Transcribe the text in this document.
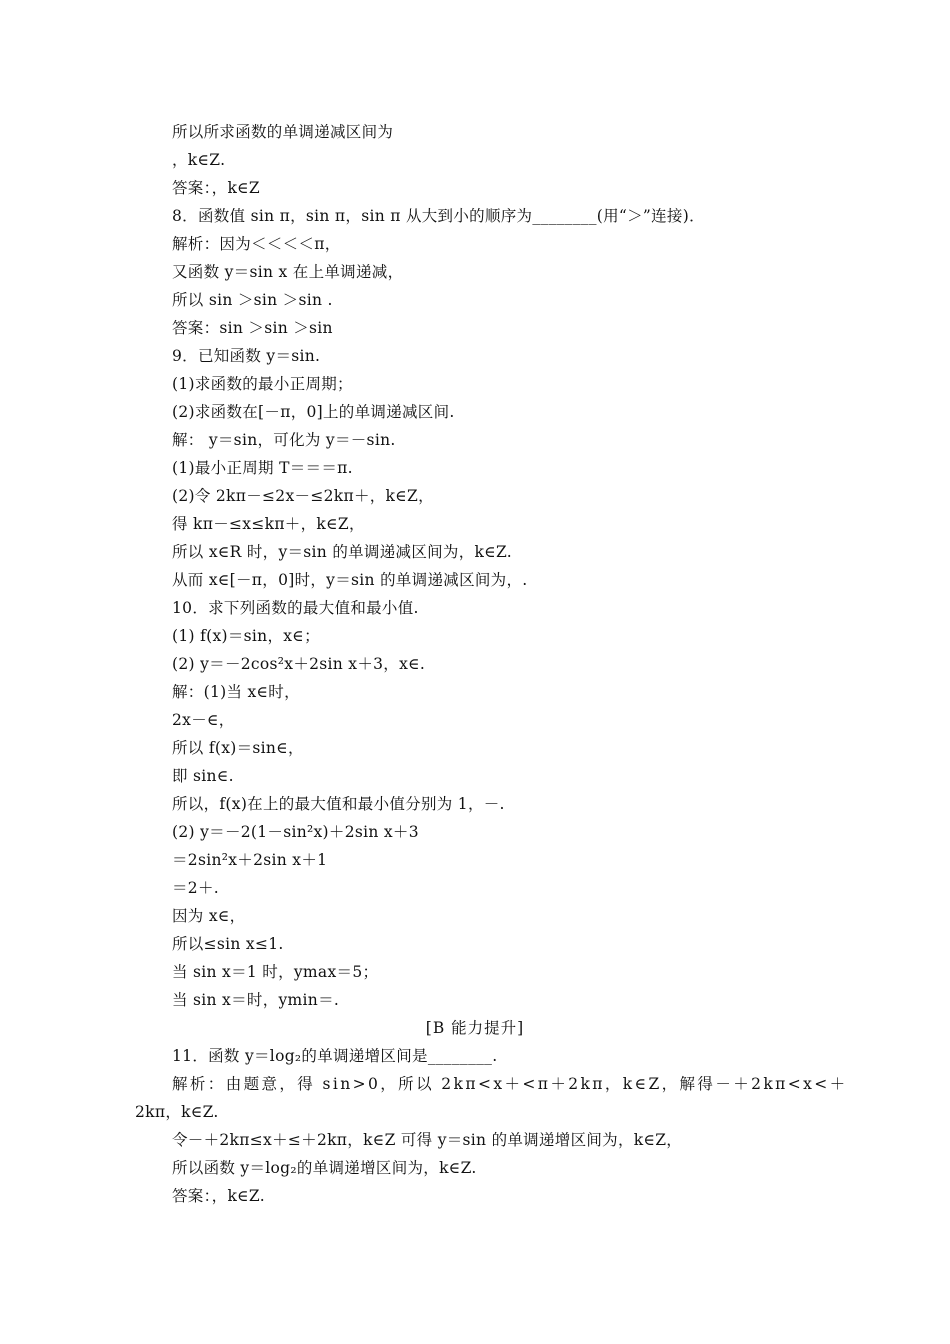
所以所求函数的单调递减区间为
，k∈Z.
答案：，k∈Z
8．函数值 sin π，sin π，sin π 从大到小的顺序为________(用“＞”连接)．
解析：因为＜＜＜＜π，
又函数 y＝sin x 在上单调递减，
所以 sin ＞sin ＞sin .
答案：sin ＞sin ＞sin
9．已知函数 y＝sin.
(1)求函数的最小正周期；
(2)求函数在[－π，0]上的单调递减区间.
解： y＝sin，可化为 y＝－sin.
(1)最小正周期 T＝＝＝π.
(2)令 2kπ－≤2x－≤2kπ＋，k∈Z，
得 kπ－≤x≤kπ＋，k∈Z，
所以 x∈R 时，y＝sin 的单调递减区间为，k∈Z.
从而 x∈[－π，0]时，y＝sin 的单调递减区间为，.
10．求下列函数的最大值和最小值.
(1) f(x)＝sin，x∈；
(2) y＝－2cos²x＋2sin x＋3，x∈.
解：(1)当 x∈时，
2x－∈，
所以 f(x)＝sin∈，
即 sin∈.
所以，f(x)在上的最大值和最小值分别为 1，－.
(2) y＝－2(1－sin²x)＋2sin x＋3
＝2sin²x＋2sin x＋1
＝2＋.
因为 x∈，
所以≤sin x≤1.
当 sin x＝1 时，ymax＝5；
当 sin x＝时，ymin＝.
[B 能力提升]
11．函数 y＝log₂的单调递增区间是________.
解析：由题意，得 sin>0，所以 2kπ<x＋<π＋2kπ，k∈Z，解得－＋2kπ<x<＋
2kπ，k∈Z.
令－＋2kπ≤x＋≤＋2kπ，k∈Z 可得 y＝sin 的单调递增区间为，k∈Z，
所以函数 y＝log₂的单调递增区间为，k∈Z.
答案：，k∈Z.
